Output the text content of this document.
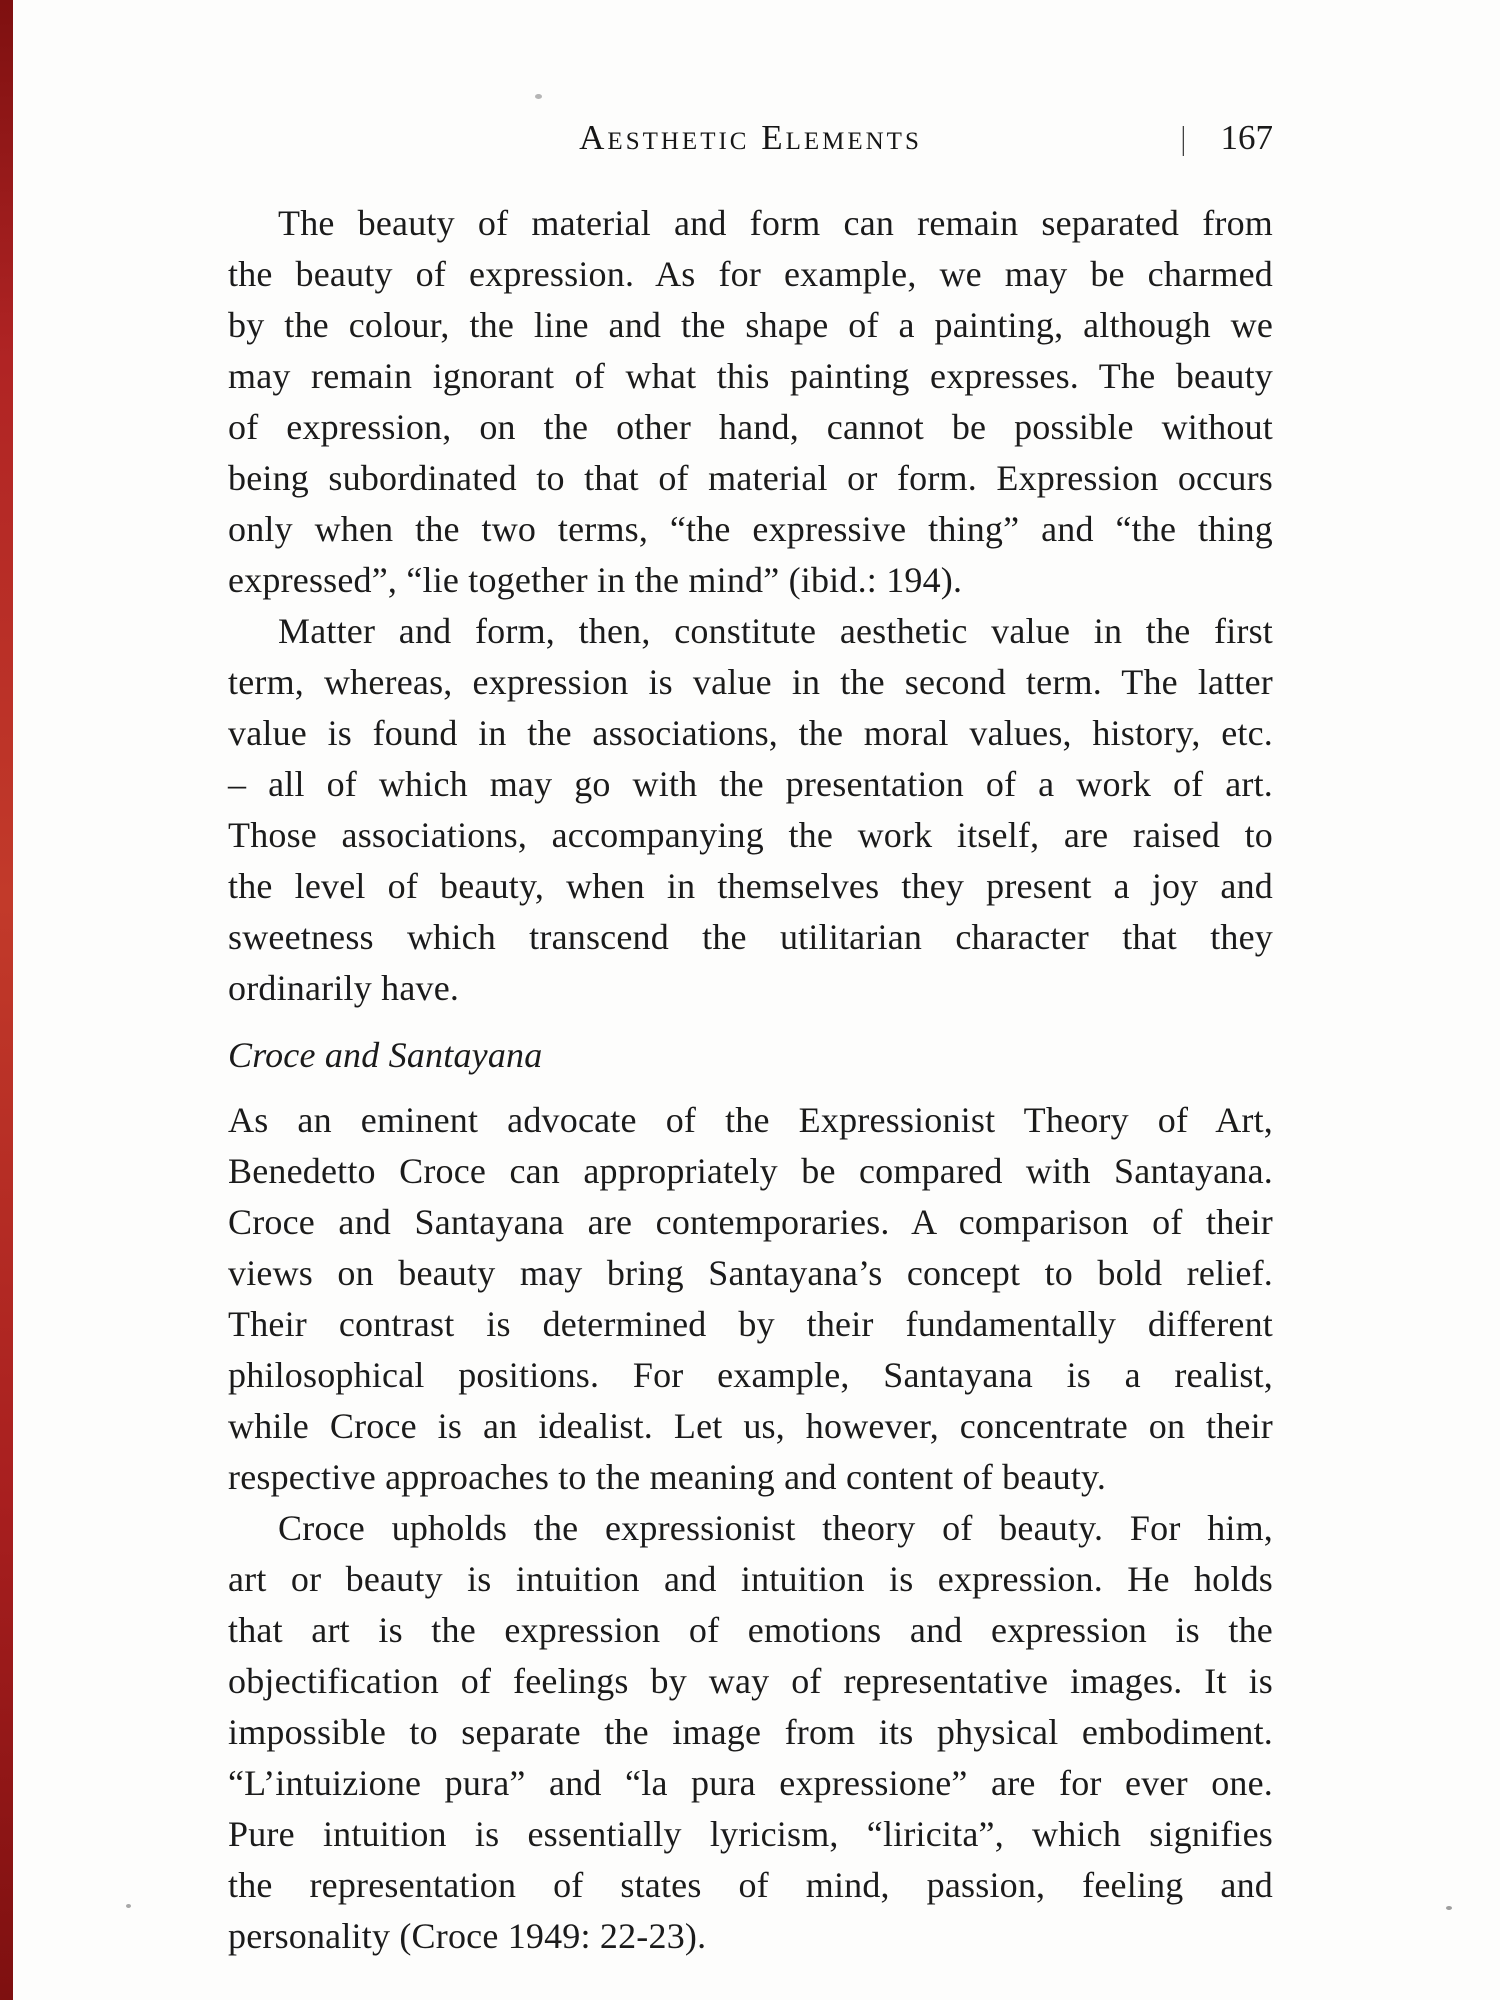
Aesthetic Elements	| 167
The beauty of material and form can remain separated from
the beauty of expression. As for example, we may be charmed
by the colour, the line and the shape of a painting, although we
may remain ignorant of what this painting expresses. The beauty
of expression, on the other hand, cannot be possible without
being subordinated to that of material or form. Expression occurs
only when the two terms, “the expressive thing” and “the thing
expressed”, “lie together in the mind” (ibid.: 194).
Matter and form, then, constitute aesthetic value in the first
term, whereas, expression is value in the second term. The latter
value is found in the associations, the moral values, history, etc.
– all of which may go with the presentation of a work of art.
Those associations, accompanying the work itself, are raised to
the level of beauty, when in themselves they present a joy and
sweetness which transcend the utilitarian character that they
ordinarily have.
Croce and Santayana
As an eminent advocate of the Expressionist Theory of Art,
Benedetto Croce can appropriately be compared with Santayana.
Croce and Santayana are contemporaries. A comparison of their
views on beauty may bring Santayana’s concept to bold relief.
Their contrast is determined by their fundamentally different
philosophical positions. For example, Santayana is a realist,
while Croce is an idealist. Let us, however, concentrate on their
respective approaches to the meaning and content of beauty.
Croce upholds the expressionist theory of beauty. For him,
art or beauty is intuition and intuition is expression. He holds
that art is the expression of emotions and expression is the
objectification of feelings by way of representative images. It is
impossible to separate the image from its physical embodiment.
“L’intuizione pura” and “la pura expressione” are for ever one.
Pure intuition is essentially lyricism, “liricita”, which signifies
the representation of states of mind, passion, feeling and
personality (Croce 1949: 22-23).
